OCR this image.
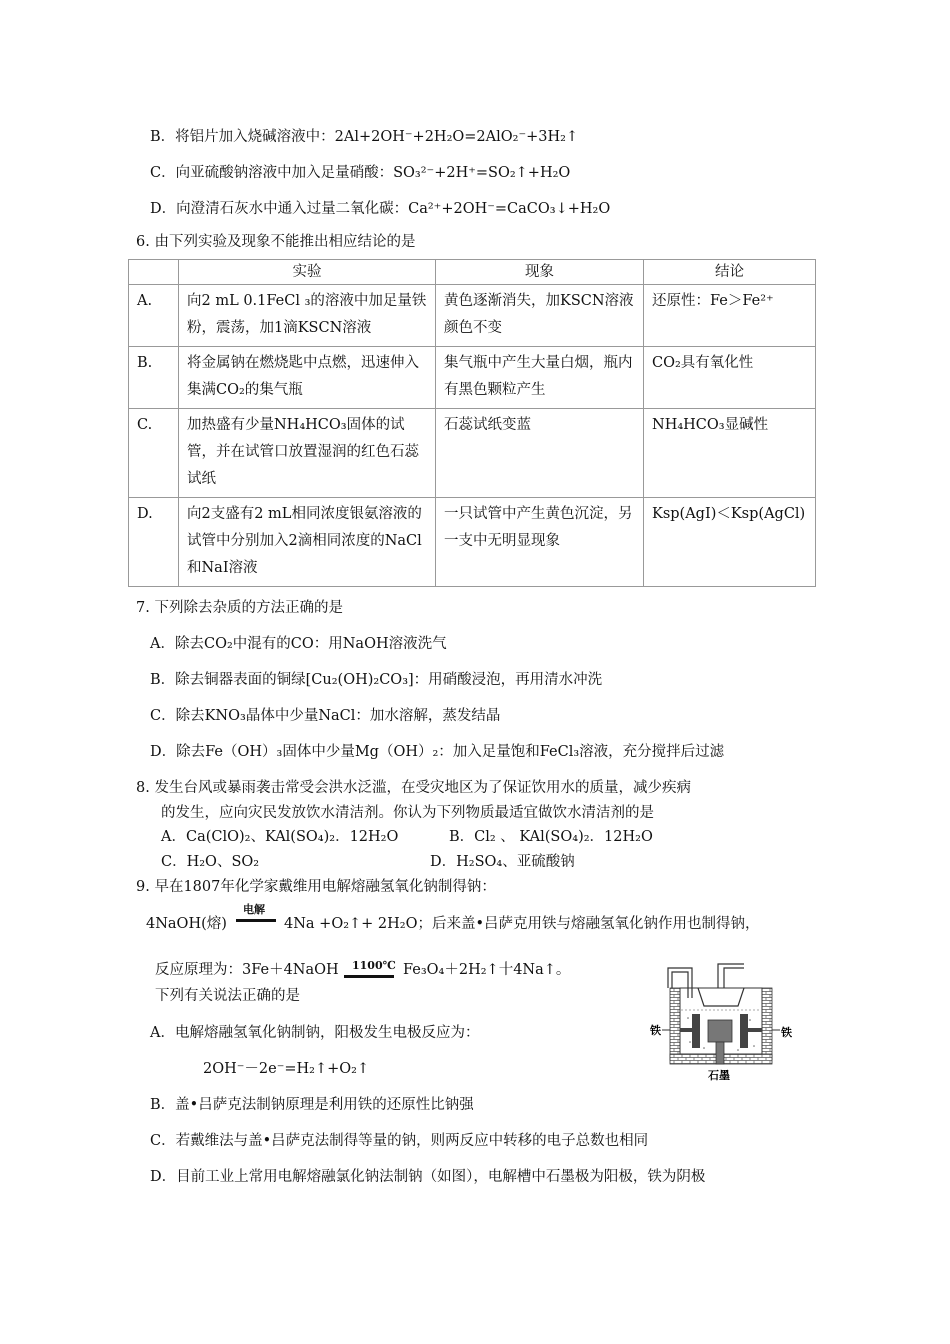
B．将铝片加入烧碱溶液中：2Al+2OH⁻+2H₂O=2AlO₂⁻+3H₂↑
C．向亚硫酸钠溶液中加入足量硝酸：SO₃²⁻+2H⁺=SO₂↑+H₂O
D．向澄清石灰水中通入过量二氧化碳：Ca²⁺+2OH⁻=CaCO₃↓+H₂O
6. 由下列实验及现象不能推出相应结论的是
	实验	现象	结论
A.	向2 mL 0.1FeCl ₃的溶液中加足量铁粉，震荡，加1滴KSCN溶液	黄色逐渐消失，加KSCN溶液颜色不变	还原性：Fe＞Fe²⁺
B.	将金属钠在燃烧匙中点燃，迅速伸入集满CO₂的集气瓶	集气瓶中产生大量白烟，瓶内有黑色颗粒产生	CO₂具有氧化性
C.	加热盛有少量NH₄HCO₃固体的试管，并在试管口放置湿润的红色石蕊试纸	石蕊试纸变蓝	NH₄HCO₃显碱性
D.	向2支盛有2 mL相同浓度银氨溶液的试管中分别加入2滴相同浓度的NaCl和NaI溶液	一只试管中产生黄色沉淀，另一支中无明显现象	Ksp(AgI)＜Ksp(AgCl)
7. 下列除去杂质的方法正确的是
A．除去CO₂中混有的CO：用NaOH溶液洗气
B．除去铜器表面的铜绿[Cu₂(OH)₂CO₃]：用硝酸浸泡，再用清水冲洗
C．除去KNO₃晶体中少量NaCl：加水溶解，蒸发结晶
D．除去Fe（OH）₃固体中少量Mg（OH）₂：加入足量饱和FeCl₃溶液，充分搅拌后过滤
8. 发生台风或暴雨袭击常受会洪水泛滥，在受灾地区为了保证饮用水的质量，减少疾病
的发生，应向灾民发放饮水清洁剂。你认为下列物质最适宜做饮水清洁剂的是
A．Ca(ClO)₂、KAl(SO₄)₂．12H₂O	B．Cl₂ 、 KAl(SO₄)₂．12H₂O
C．H₂O、SO₂	D．H₂SO₄、亚硫酸钠
9. 早在1807年化学家戴维用电解熔融氢氧化钠制得钠：
4NaOH(熔)
电解
4Na +O₂↑+ 2H₂O；后来盖•吕萨克用铁与熔融氢氧化钠作用也制得钠，
反应原理为：3Fe＋4NaOH 1100℃ Fe₃O₄＋2H₂↑十4Na↑。
下列有关说法正确的是
A．电解熔融氢氧化钠制钠，阳极发生电极反应为：
2OH⁻－2e⁻=H₂↑+O₂↑
B．盖•吕萨克法制钠原理是利用铁的还原性比钠强
C．若戴维法与盖•吕萨克法制得等量的钠，则两反应中转移的电子总数也相同
D．目前工业上常用电解熔融氯化钠法制钠（如图），电解槽中石墨极为阳极，铁为阴极
铁	铁
石墨
